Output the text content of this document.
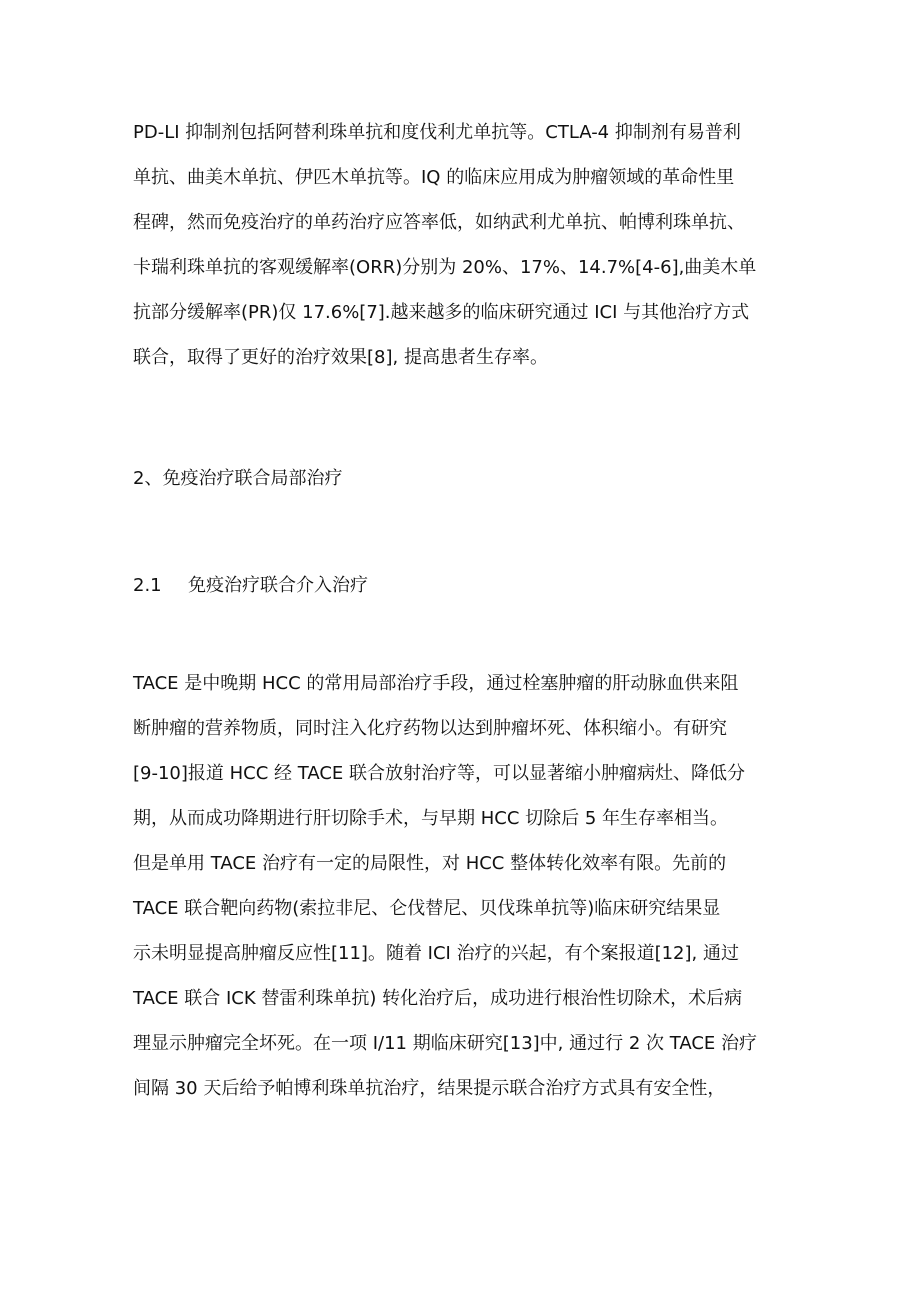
PD-LI 抑制剂包括阿替利珠单抗和度伐利尤单抗等。CTLA-4 抑制剂有易普利
单抗、曲美木单抗、伊匹木单抗等。IQ 的临床应用成为肿瘤领域的革命性里
程碑，然而免疫治疗的单药治疗应答率低，如纳武利尤单抗、帕博利珠单抗、
卡瑞利珠单抗的客观缓解率(ORR)分别为 20%、17%、14.7%[4-6],曲美木单
抗部分缓解率(PR)仅 17.6%[7].越来越多的临床研究通过 ICI 与其他治疗方式
联合，取得了更好的治疗效果[8], 提高患者生存率。
2、免疫治疗联合局部治疗
2.1 免疫治疗联合介入治疗
TACE 是中晚期 HCC 的常用局部治疗手段，通过栓塞肿瘤的肝动脉血供来阻
断肿瘤的营养物质，同时注入化疗药物以达到肿瘤坏死、体积缩小。有研究
[9-10]报道 HCC 经 TACE 联合放射治疗等，可以显著缩小肿瘤病灶、降低分
期，从而成功降期进行肝切除手术，与早期 HCC 切除后 5 年生存率相当。
但是单用 TACE 治疗有一定的局限性，对 HCC 整体转化效率有限。先前的
TACE 联合靶向药物(索拉非尼、仑伐替尼、贝伐珠单抗等)临床研究结果显
示未明显提高肿瘤反应性[11]。随着 ICI 治疗的兴起，有个案报道[12], 通过
TACE 联合 ICK 替雷利珠单抗) 转化治疗后，成功进行根治性切除术，术后病
理显示肿瘤完全坏死。在一项 I/11 期临床研究[13]中, 通过行 2 次 TACE 治疗
间隔 30 天后给予帕博利珠单抗治疗，结果提示联合治疗方式具有安全性，
